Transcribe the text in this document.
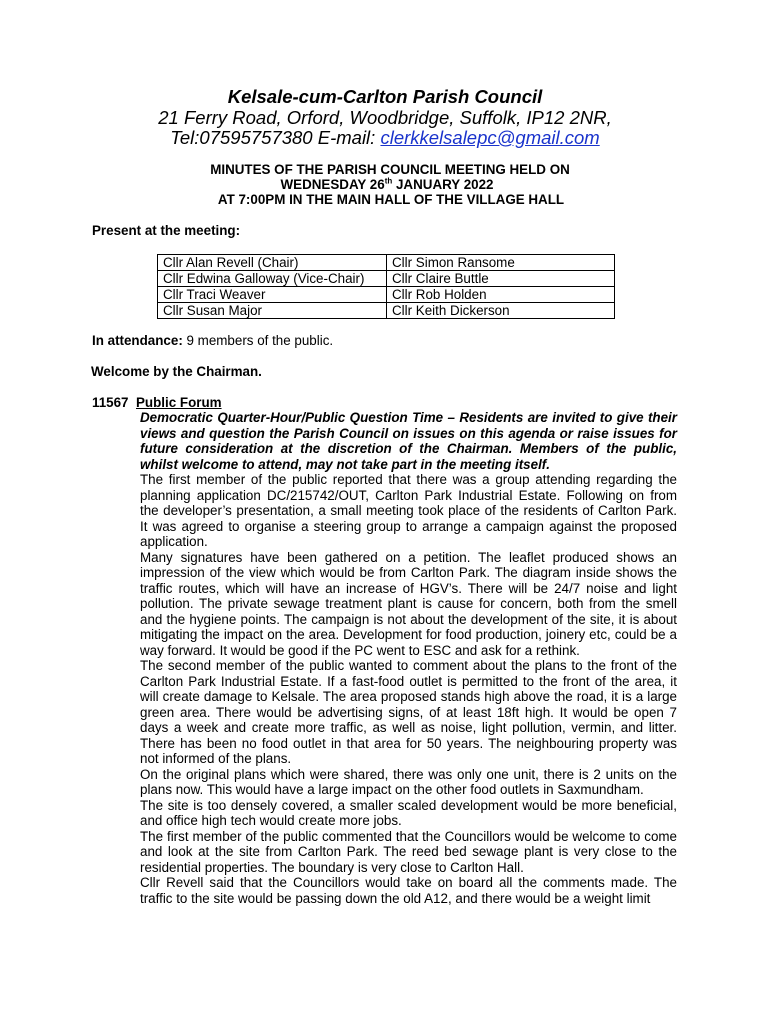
Kelsale-cum-Carlton Parish Council
21 Ferry Road, Orford, Woodbridge, Suffolk, IP12 2NR,
Tel:07595757380 E-mail: clerkkelsalepc@gmail.com
MINUTES OF THE PARISH COUNCIL MEETING HELD ON
WEDNESDAY 26th JANUARY 2022
AT 7:00PM IN THE MAIN HALL OF THE VILLAGE HALL
Present at the meeting:
Cllr Alan Revell (Chair)	Cllr Simon Ransome
Cllr Edwina Galloway (Vice-Chair)	Cllr Claire Buttle
Cllr Traci Weaver	Cllr Rob Holden
Cllr Susan Major	Cllr Keith Dickerson
In attendance: 9 members of the public.
Welcome by the Chairman.
11567 Public Forum

Democratic Quarter-Hour/Public Question Time – Residents are invited to give their views and question the Parish Council on issues on this agenda or raise issues for future consideration at the discretion of the Chairman. Members of the public, whilst welcome to attend, may not take part in the meeting itself.

The first member of the public reported that there was a group attending regarding the planning application DC/215742/OUT, Carlton Park Industrial Estate. Following on from the developer’s presentation, a small meeting took place of the residents of Carlton Park. It was agreed to organise a steering group to arrange a campaign against the proposed application.

Many signatures have been gathered on a petition. The leaflet produced shows an impression of the view which would be from Carlton Park. The diagram inside shows the traffic routes, which will have an increase of HGV’s. There will be 24/7 noise and light pollution. The private sewage treatment plant is cause for concern, both from the smell and the hygiene points. The campaign is not about the development of the site, it is about mitigating the impact on the area. Development for food production, joinery etc, could be a way forward. It would be good if the PC went to ESC and ask for a rethink.

The second member of the public wanted to comment about the plans to the front of the Carlton Park Industrial Estate. If a fast-food outlet is permitted to the front of the area, it will create damage to Kelsale. The area proposed stands high above the road, it is a large green area. There would be advertising signs, of at least 18ft high. It would be open 7 days a week and create more traffic, as well as noise, light pollution, vermin, and litter. There has been no food outlet in that area for 50 years. The neighbouring property was not informed of the plans.

On the original plans which were shared, there was only one unit, there is 2 units on the plans now. This would have a large impact on the other food outlets in Saxmundham.

The site is too densely covered, a smaller scaled development would be more beneficial, and office high tech would create more jobs.

The first member of the public commented that the Councillors would be welcome to come and look at the site from Carlton Park. The reed bed sewage plant is very close to the residential properties. The boundary is very close to Carlton Hall.

Cllr Revell said that the Councillors would take on board all the comments made. The traffic to the site would be passing down the old A12, and there would be a weight limit
